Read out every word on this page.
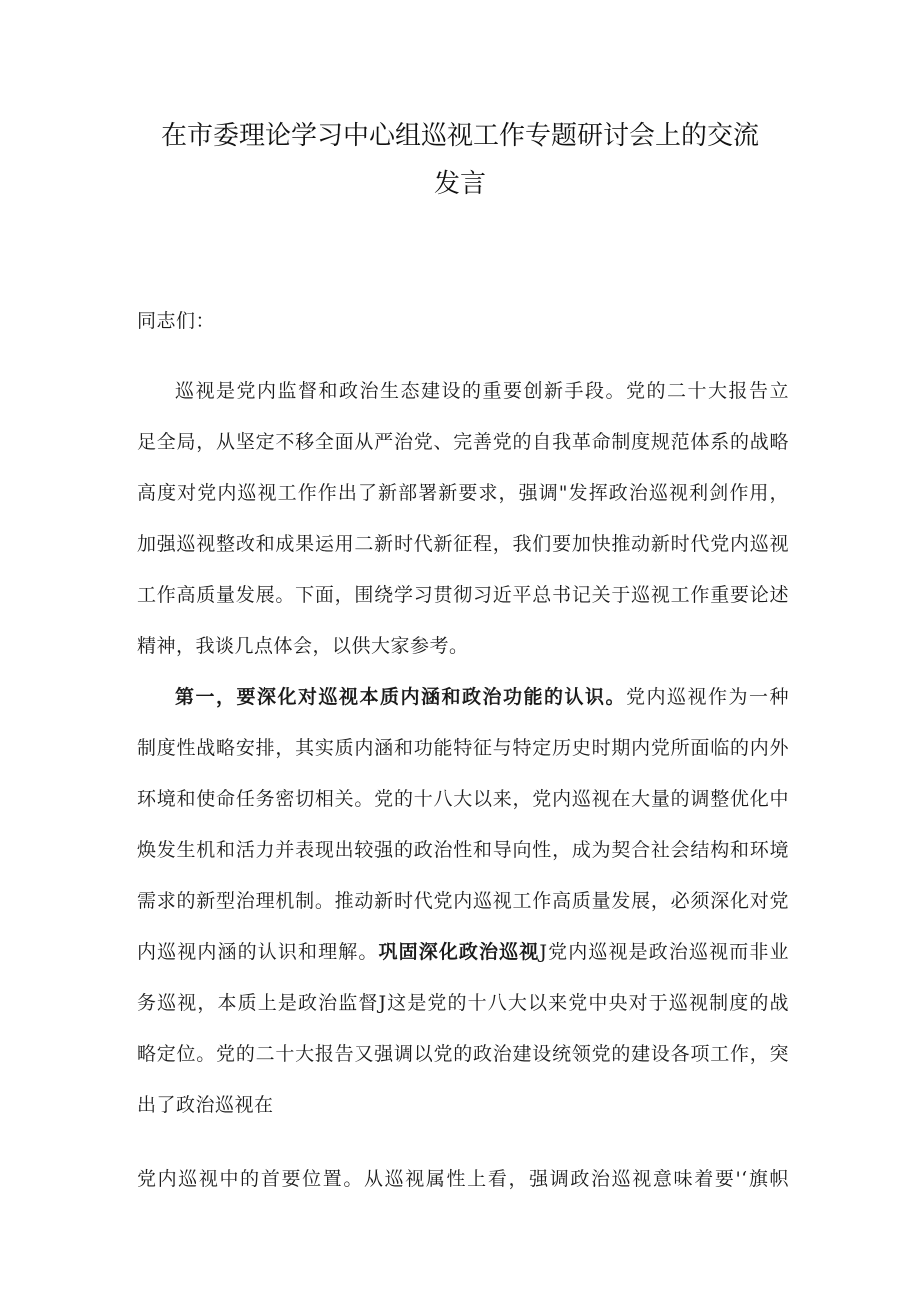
在市委理论学习中心组巡视工作专题研讨会上的交流
发言

同志们：

巡视是党内监督和政治生态建设的重要创新手段。党的二十大报告立
足全局，从坚定不移全面从严治党、完善党的自我革命制度规范体系的战略
高度对党内巡视工作作出了新部署新要求，强调"发挥政治巡视利剑作用，
加强巡视整改和成果运用二新时代新征程，我们要加快推动新时代党内巡视
工作高质量发展。下面，围绕学习贯彻习近平总书记关于巡视工作重要论述
精神，我谈几点体会，以供大家参考。
第一，要深化对巡视本质内涵和政治功能的认识。党内巡视作为一种
制度性战略安排，其实质内涵和功能特征与特定历史时期内党所面临的内外
环境和使命任务密切相关。党的十八大以来，党内巡视在大量的调整优化中
焕发生机和活力并表现出较强的政治性和导向性，成为契合社会结构和环境
需求的新型治理机制。推动新时代党内巡视工作高质量发展，必须深化对党
内巡视内涵的认识和理解。巩固深化政治巡视J党内巡视是政治巡视而非业
务巡视，本质上是政治监督J这是党的十八大以来党中央对于巡视制度的战
略定位。党的二十大报告又强调以党的政治建设统领党的建设各项工作，突
出了政治巡视在
党内巡视中的首要位置。从巡视属性上看，强调政治巡视意味着要'‘旗帜
